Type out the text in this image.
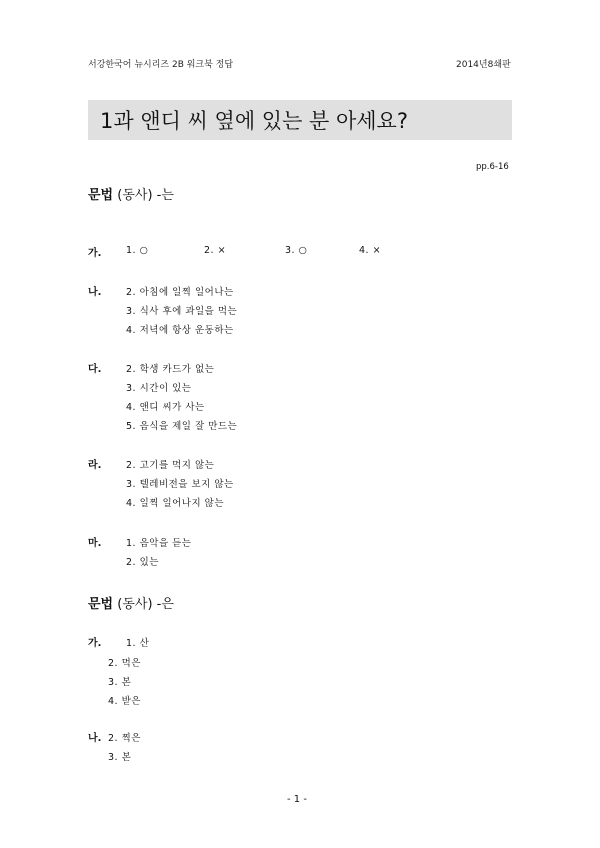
서강한국어 뉴시리즈 2B 워크북 정답	2014년8쇄판
1과 앤디 씨 옆에 있는 분 아세요?
pp.6-16
문법 (동사) -는
가.	1. ○	2. ×	3. ○	4. ×
나.	2. 아침에 일찍 일어나는
3. 식사 후에 과일을 먹는
4. 저녁에 항상 운동하는
다.	2. 학생 카드가 없는
3. 시간이 있는
4. 앤디 씨가 사는
5. 음식을 제일 잘 만드는
라.	2. 고기를 먹지 않는
3. 텔레비전을 보지 않는
4. 일찍 일어나지 않는
마.	1. 음악을 듣는
2. 있는
문법 (동사) -은
가.	1. 산
2. 먹은
3. 본
4. 받은
나. 2. 찍은
3. 본
- 1 -
